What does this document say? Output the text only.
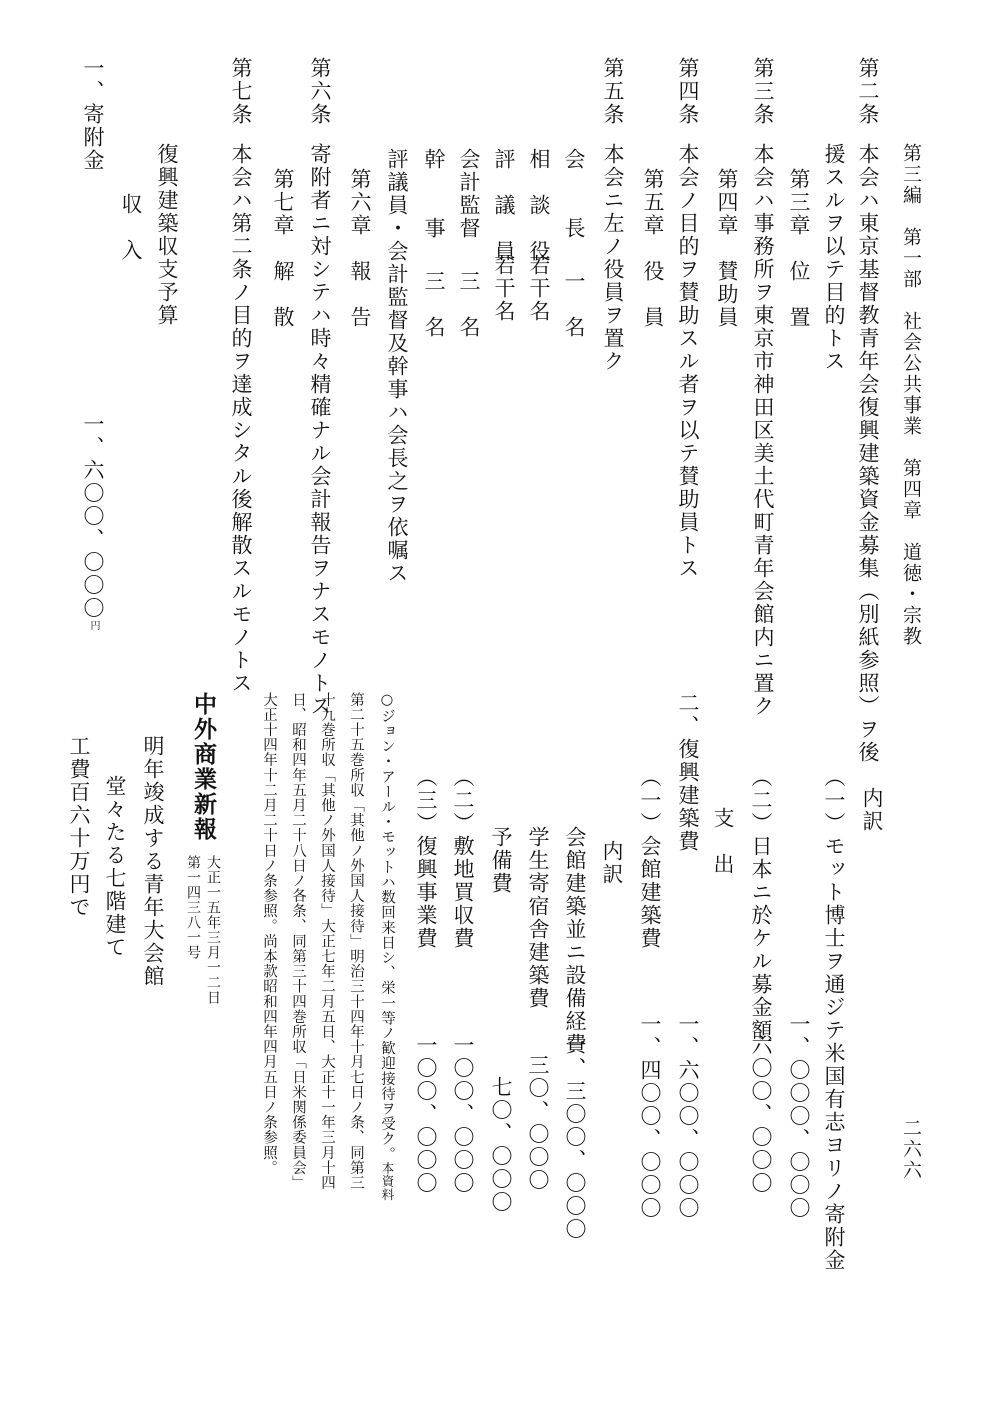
第三編　第一部　社会公共事業　第四章　道徳・宗教
二六六
第二条
本会ハ東京基督教青年会復興建築資金募集（別紙参照）ヲ後
援スルヲ以テ目的トス
第三章　位　置
第三条
本会ハ事務所ヲ東京市神田区美土代町青年会館内ニ置ク
第四章　賛助員
第四条
本会ノ目的ヲ賛助スル者ヲ以テ賛助員トス
第五章　役　員
第五条
本会ニ左ノ役員ヲ置ク
会　　長
一　名
相　談　役
若干名
評　議　員
若干名
会計監督
三　名
幹　　事
三　名
評議員・会計監督及幹事ハ会長之ヲ依嘱ス
第六章　報　告
第六条
寄附者ニ対シテハ時々精確ナル会計報告ヲナスモノトス
第七章　解　散
第七条
本会ハ第二条ノ目的ヲ達成シタル後解散スルモノトス
復興建築収支予算
収　入
一、寄附金
一、六〇〇、〇〇〇円
内訳
（一）モット博士ヲ通ジテ米国有志ヨリノ寄附金
一、〇〇〇、〇〇〇
（二）日本ニ於ケル募金額
六〇〇、〇〇〇
支　出
二、復興建築費
一、六〇〇、〇〇〇
（一）会館建築費
一、四〇〇、〇〇〇
内訳
会館建築並ニ設備経費
一、三〇〇、〇〇〇
学生寄宿舎建築費
三〇、〇〇〇
予備費
七〇、〇〇〇
（二）敷地買収費
一〇〇、〇〇〇
（三）復興事業費
一〇〇、〇〇〇
○ジョン・アール・モットハ数回来日シ、栄一等ノ歓迎接待ヲ受ク。本資料
第二十五巻所収「其他ノ外国人接待」明治三十四年十月七日ノ条、同第三
十九巻所収「其他ノ外国人接待」大正七年二月五日、大正十一年三月十四
日、昭和四年五月二十八日ノ各条、同第三十四巻所収「日米関係委員会」
大正十四年十二月二十日ノ条参照。尚本款昭和四年四月五日ノ条参照。
中外商業新報
第一四三八一号 大正一五年三月一二日
明年竣成する青年大会館
堂々たる七階建て
工費百六十万円で
